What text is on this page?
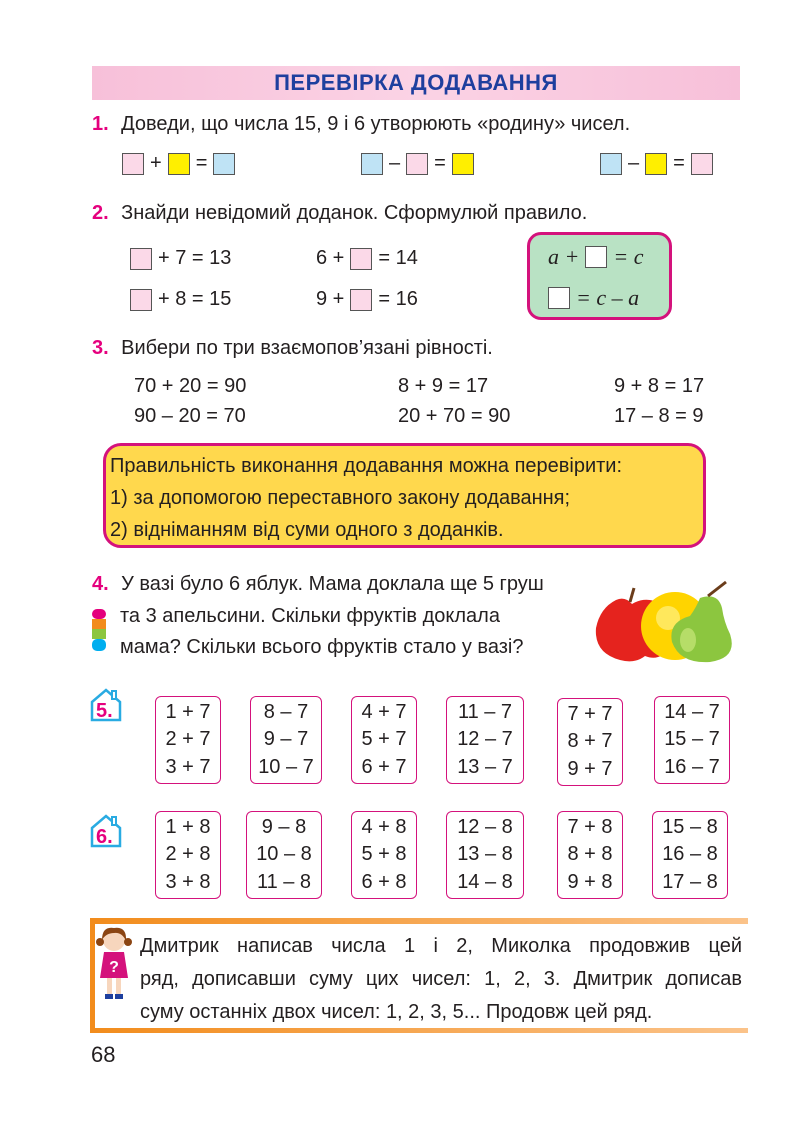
ПЕРЕВІРКА ДОДАВАННЯ
1. Доведи, що числа 15, 9 і 6 утворюють «родину» чисел.
+ =	– =	– =
2. Знайди невідомий доданок. Сформулюй правило.
+ 7 = 13	6 + = 14
+ 8 = 15	9 + = 16
a + = c
= c – a
3. Вибери по три взаємопов’язані рівності.
70 + 20 = 90
90 – 20 = 70
8 + 9 = 17
20 + 70 = 90
9 + 8 = 17
17 – 8 = 9
Правильність виконання додавання можна перевірити:
1) за допомогою переставного закону додавання;
2) відніманням від суми одного з доданків.
4. У вазі було 6 яблук. Мама доклала ще 5 груш
та 3 апельсини. Скільки фруктів доклала
мама? Скільки всього фруктів стало у вазі?
5.	1 + 7
2 + 7
3 + 7
8 – 7
9 – 7
10 – 7
4 + 7
5 + 7
6 + 7
11 – 7
12 – 7
13 – 7
7 + 7
8 + 7
9 + 7
14 – 7
15 – 7
16 – 7
6.	1 + 8
2 + 8
3 + 8
9 – 8
10 – 8
11 – 8
4 + 8
5 + 8
6 + 8
12 – 8
13 – 8
14 – 8
7 + 8
8 + 8
9 + 8
15 – 8
16 – 8
17 – 8
?
Дмитрик написав числа 1 і 2, Миколка продовжив цей
ряд, дописавши суму цих чисел: 1, 2, 3. Дмитрик дописав
суму останніх двох чисел: 1, 2, 3, 5... Продовж цей ряд.
68
